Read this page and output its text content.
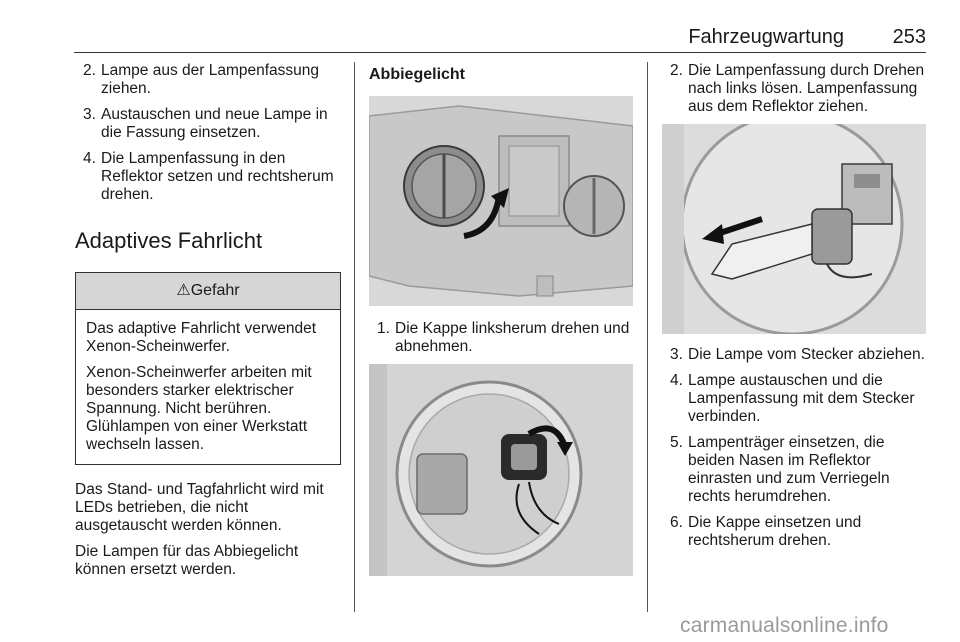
Fahrzeugwartung 253
2. Lampe aus der Lampenfassung ziehen.
3. Austauschen und neue Lampe in die Fassung einsetzen.
4. Die Lampenfassung in den Reflektor setzen und rechtsherum drehen.
Adaptives Fahrlicht
⚠Gefahr

Das adaptive Fahrlicht verwendet Xenon-Scheinwerfer.

Xenon-Scheinwerfer arbeiten mit besonders starker elektrischer Spannung. Nicht berühren. Glühlampen von einer Werkstatt wechseln lassen.

Das Stand- und Tagfahrlicht wird mit LEDs betrieben, die nicht ausgetauscht werden können.

Die Lampen für das Abbiegelicht können ersetzt werden.

Abbiegelicht
1. Die Kappe linksherum drehen und abnehmen.
2. Die Lampenfassung durch Drehen nach links lösen. Lampenfassung aus dem Reflektor ziehen.
3. Die Lampe vom Stecker abziehen.
4. Lampe austauschen und die Lampenfassung mit dem Stecker verbinden.
5. Lampenträger einsetzen, die beiden Nasen im Reflektor einrasten und zum Verriegeln rechts herumdrehen.
6. Die Kappe einsetzen und rechtsherum drehen.
carmanualsonline.info
